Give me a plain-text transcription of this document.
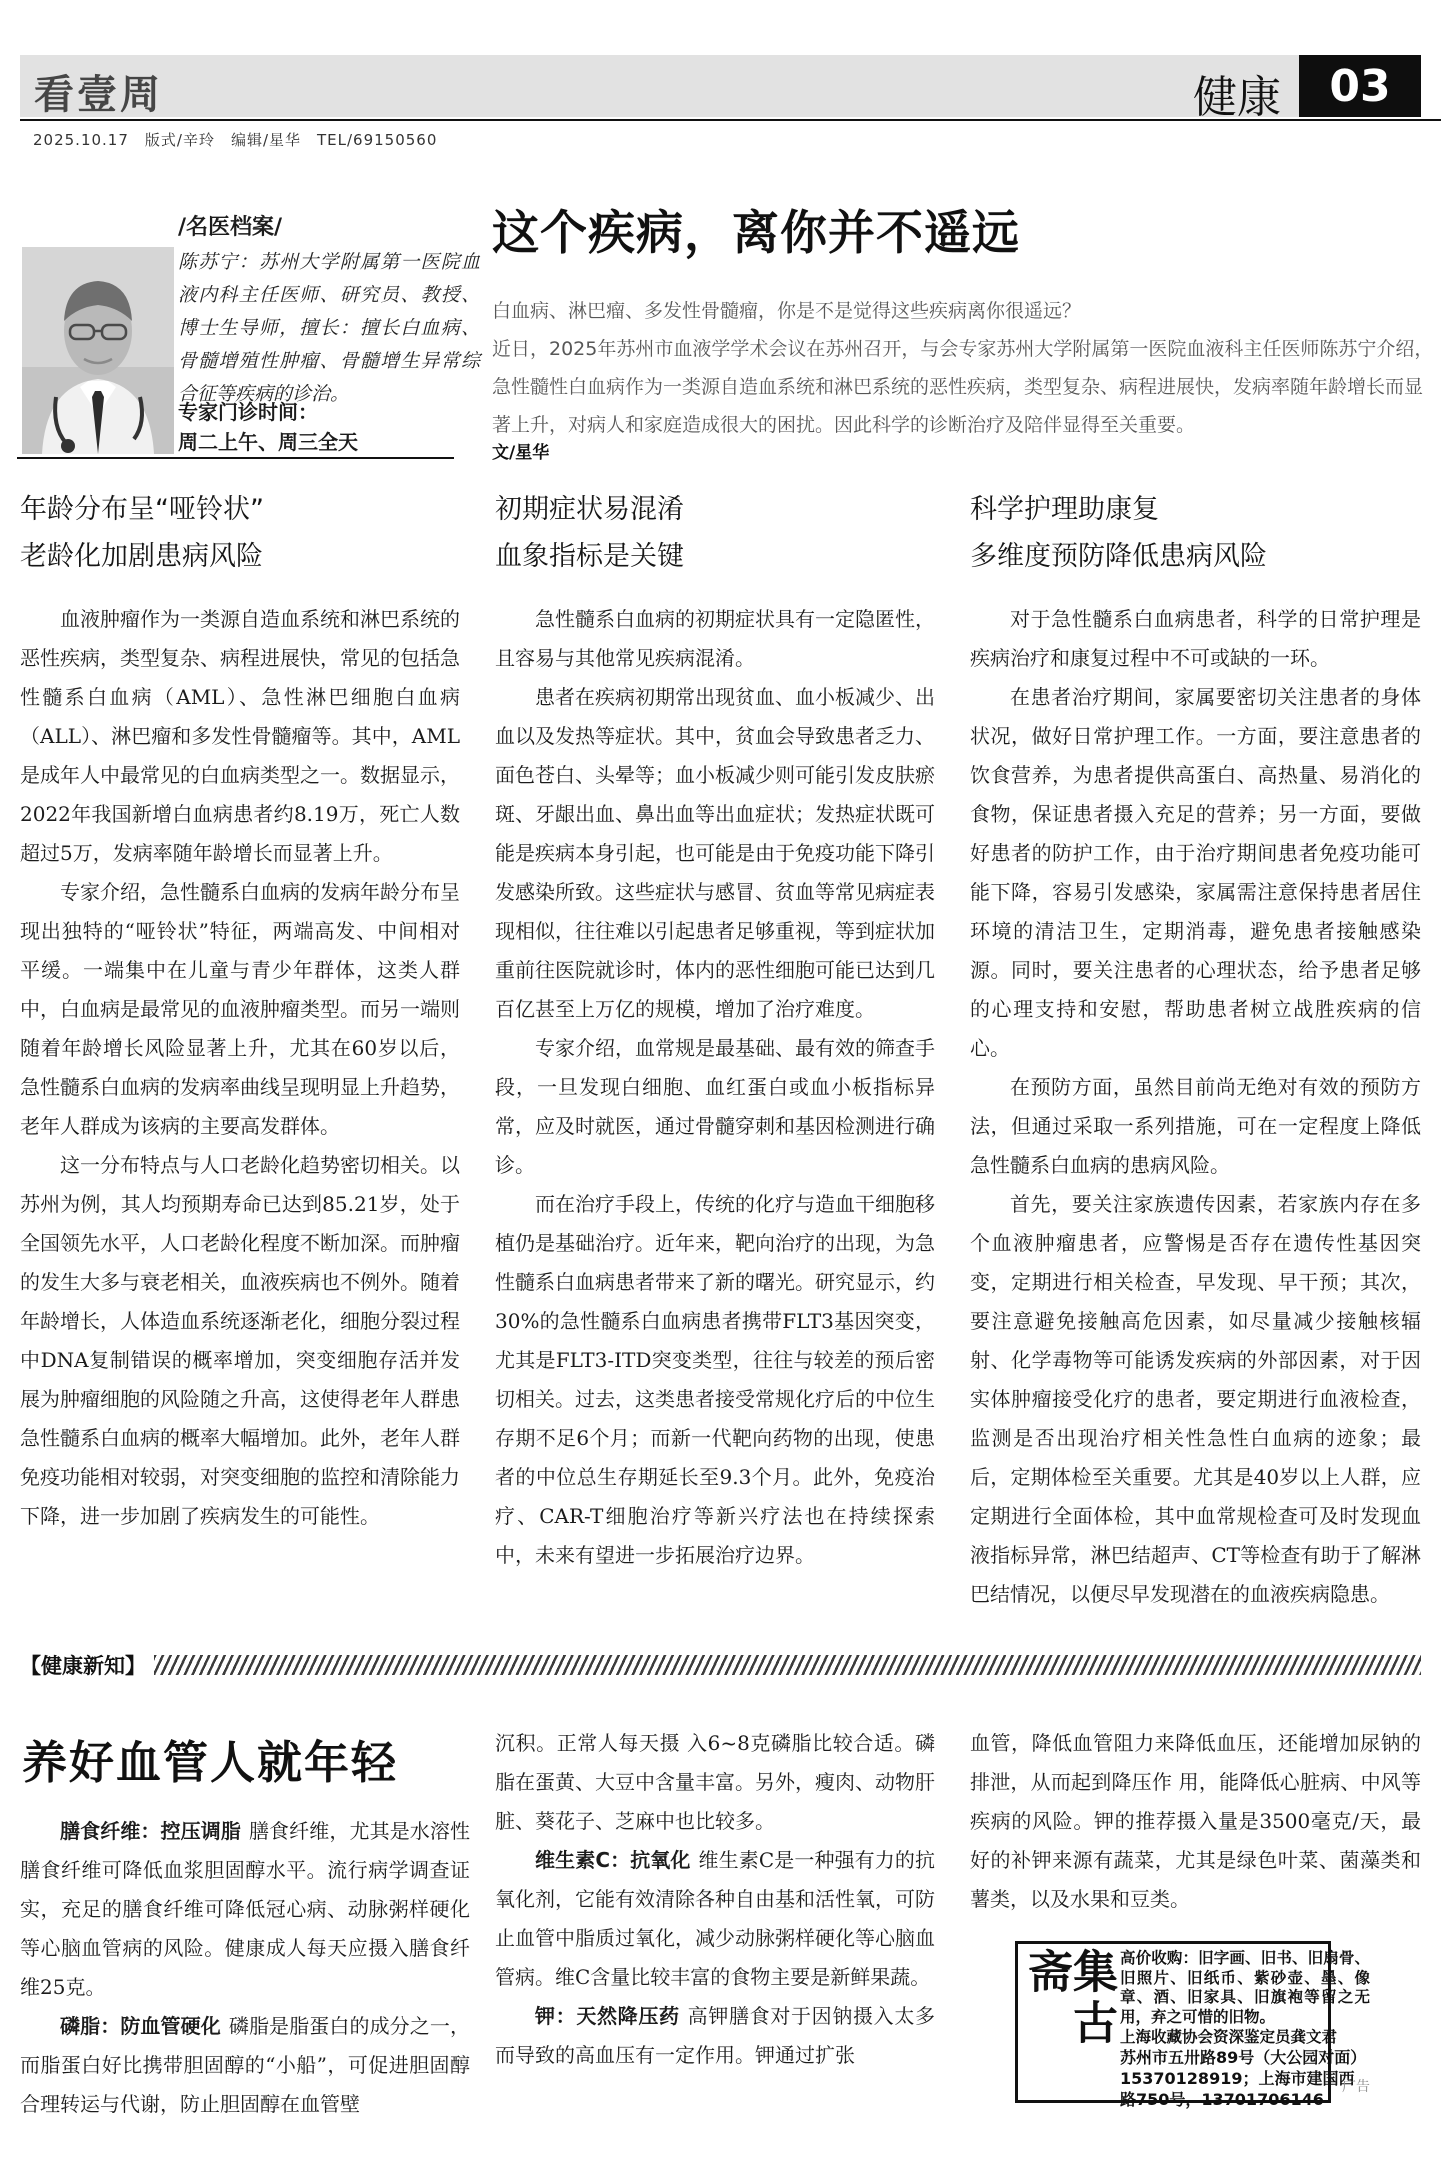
看壹周	健康 03
2025.10.17　版式/辛玲　编辑/星华　TEL/69150560
/名医档案/
陈苏宁：苏州大学附属第一医院血液内科主任医师、研究员、教授、博士生导师，擅长：擅长白血病、骨髓增殖性肿瘤、骨髓增生异常综合征等疾病的诊治。
专家门诊时间：
周二上午、周三全天
这个疾病，离你并不遥远

白血病、淋巴瘤、多发性骨髓瘤，你是不是觉得这些疾病离你很遥远？

近日，2025年苏州市血液学学术会议在苏州召开，与会专家苏州大学附属第一医院血液科主任医师陈苏宁介绍，急性髓性白血病作为一类源自造血系统和淋巴系统的恶性疾病，类型复杂、病程进展快，发病率随年龄增长而显著上升，对病人和家庭造成很大的困扰。因此科学的诊断治疗及陪伴显得至关重要。

文/星华
年龄分布呈“哑铃状”
老龄化加剧患病风险
初期症状易混淆
血象指标是关键
科学护理助康复
多维度预防降低患病风险

血液肿瘤作为一类源自造血系统和淋巴系统的恶性疾病，类型复杂、病程进展快，常见的包括急性髓系白血病（AML）、急性淋巴细胞白血病（ALL）、淋巴瘤和多发性骨髓瘤等。其中，AML是成年人中最常见的白血病类型之一。数据显示，2022年我国新增白血病患者约8.19万，死亡人数超过5万，发病率随年龄增长而显著上升。

专家介绍，急性髓系白血病的发病年龄分布呈现出独特的“哑铃状”特征，两端高发、中间相对平缓。一端集中在儿童与青少年群体，这类人群中，白血病是最常见的血液肿瘤类型。而另一端则随着年龄增长风险显著上升，尤其在60岁以后，急性髓系白血病的发病率曲线呈现明显上升趋势，老年人群成为该病的主要高发群体。

这一分布特点与人口老龄化趋势密切相关。以苏州为例，其人均预期寿命已达到85.21岁，处于全国领先水平，人口老龄化程度不断加深。而肿瘤的发生大多与衰老相关，血液疾病也不例外。随着年龄增长，人体造血系统逐渐老化，细胞分裂过程中DNA复制错误的概率增加，突变细胞存活并发展为肿瘤细胞的风险随之升高，这使得老年人群患急性髓系白血病的概率大幅增加。此外，老年人群免疫功能相对较弱，对突变细胞的监控和清除能力下降，进一步加剧了疾病发生的可能性。

急性髓系白血病的初期症状具有一定隐匿性，且容易与其他常见疾病混淆。

患者在疾病初期常出现贫血、血小板减少、出血以及发热等症状。其中，贫血会导致患者乏力、面色苍白、头晕等；血小板减少则可能引发皮肤瘀斑、牙龈出血、鼻出血等出血症状；发热症状既可能是疾病本身引起，也可能是由于免疫功能下降引发感染所致。这些症状与感冒、贫血等常见病症表现相似，往往难以引起患者足够重视，等到症状加重前往医院就诊时，体内的恶性细胞可能已达到几百亿甚至上万亿的规模，增加了治疗难度。

专家介绍，血常规是最基础、最有效的筛查手段，一旦发现白细胞、血红蛋白或血小板指标异常，应及时就医，通过骨髓穿刺和基因检测进行确诊。

而在治疗手段上，传统的化疗与造血干细胞移植仍是基础治疗。近年来，靶向治疗的出现，为急性髓系白血病患者带来了新的曙光。研究显示，约30%的急性髓系白血病患者携带FLT3基因突变，尤其是FLT3-ITD突变类型，往往与较差的预后密切相关。过去，这类患者接受常规化疗后的中位生存期不足6个月；而新一代靶向药物的出现，使患者的中位总生存期延长至9.3个月。此外，免疫治疗、CAR-T细胞治疗等新兴疗法也在持续探索中，未来有望进一步拓展治疗边界。

对于急性髓系白血病患者，科学的日常护理是疾病治疗和康复过程中不可或缺的一环。

在患者治疗期间，家属要密切关注患者的身体状况，做好日常护理工作。一方面，要注意患者的饮食营养，为患者提供高蛋白、高热量、易消化的食物，保证患者摄入充足的营养；另一方面，要做好患者的防护工作，由于治疗期间患者免疫功能可能下降，容易引发感染，家属需注意保持患者居住环境的清洁卫生，定期消毒，避免患者接触感染源。同时，要关注患者的心理状态，给予患者足够的心理支持和安慰，帮助患者树立战胜疾病的信心。

在预防方面，虽然目前尚无绝对有效的预防方法，但通过采取一系列措施，可在一定程度上降低急性髓系白血病的患病风险。

首先，要关注家族遗传因素，若家族内存在多个血液肿瘤患者，应警惕是否存在遗传性基因突变，定期进行相关检查，早发现、早干预；其次，要注意避免接触高危因素，如尽量减少接触核辐射、化学毒物等可能诱发疾病的外部因素，对于因实体肿瘤接受化疗的患者，要定期进行血液检查，监测是否出现治疗相关性急性白血病的迹象；最后，定期体检至关重要。尤其是40岁以上人群，应定期进行全面体检，其中血常规检查可及时发现血液指标异常，淋巴结超声、CT等检查有助于了解淋巴结情况，以便尽早发现潜在的血液疾病隐患。

【健康新知】
养好血管人就年轻

膳食纤维：控压调脂 膳食纤维，尤其是水溶性膳食纤维可降低血浆胆固醇水平。流行病学调查证实，充足的膳食纤维可降低冠心病、动脉粥样硬化等心脑血管病的风险。健康成人每天应摄入膳食纤维25克。

磷脂：防血管硬化 磷脂是脂蛋白的成分之一，而脂蛋白好比携带胆固醇的“小船”，可促进胆固醇合理转运与代谢，防止胆固醇在血管壁

沉积。正常人每天摄 入6~8克磷脂比较合适。磷脂在蛋黄、大豆中含量丰富。另外，瘦肉、动物肝脏、葵花子、芝麻中也比较多。

维生素C：抗氧化 维生素C是一种强有力的抗氧化剂，它能有效清除各种自由基和活性氧，可防止血管中脂质过氧化，减少动脉粥样硬化等心脑血管病。维C含量比较丰富的食物主要是新鲜果蔬。

钾：天然降压药 高钾膳食对于因钠摄入太多而导致的高血压有一定作用。钾通过扩张

血管，降低血管阻力来降低血压，还能增加尿钠的排泄，从而起到降压作 用，能降低心脏病、中风等疾病的风险。钾的推荐摄入量是3500毫克/天，最好的补钾来源有蔬菜，尤其是绿色叶菜、菌藻类和薯类，以及水果和豆类。

集古斋	高价收购：旧字画、旧书、旧扇骨、旧照片、旧纸币、紫砂壶、墨、像章、酒、旧家具、旧旗袍等留之无用，弃之可惜的旧物。

上海收藏协会资深鉴定员龚文君

苏州市五卅路89号（大公园对面）15370128919；上海市建国西路750号，13701706146

广告
